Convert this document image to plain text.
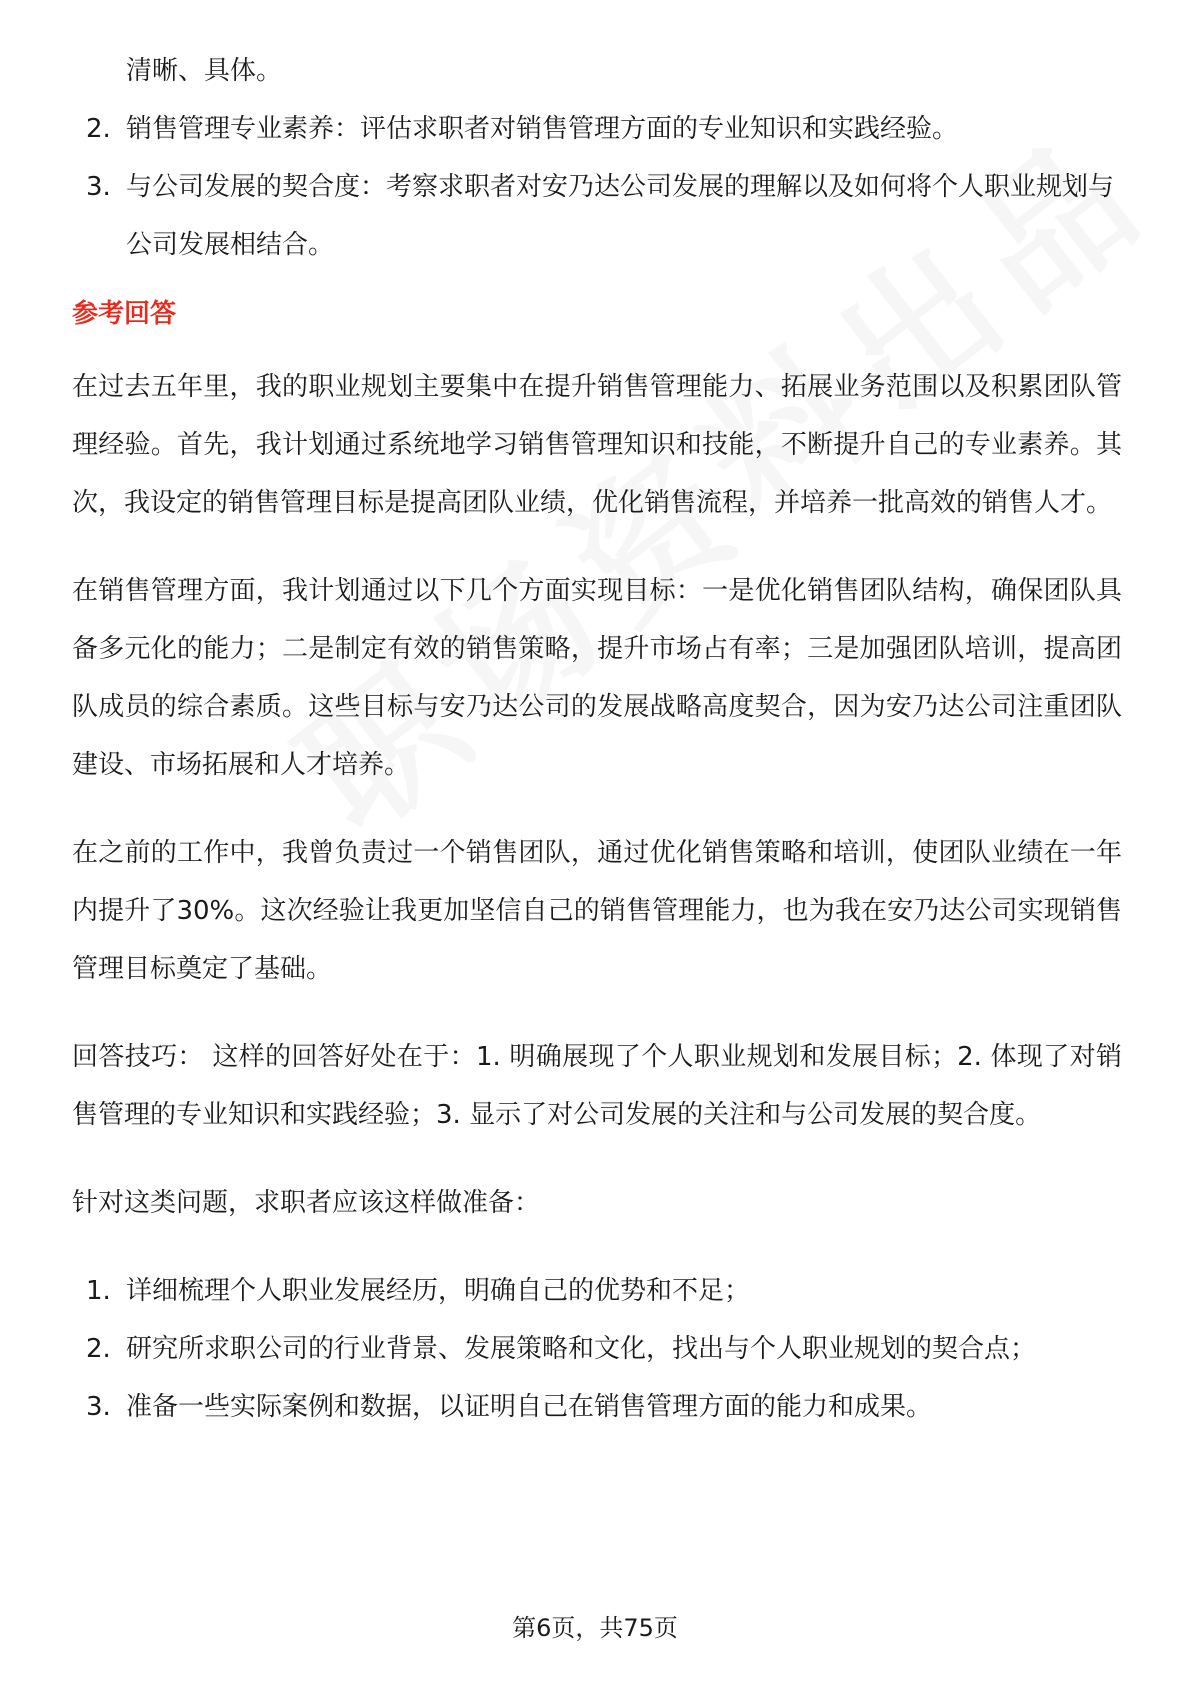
清晰、具体。
2. 销售管理专业素养：评估求职者对销售管理方面的专业知识和实践经验。
3. 与公司发展的契合度：考察求职者对安乃达公司发展的理解以及如何将个人职业规划与公司发展相结合。
参考回答

在过去五年里，我的职业规划主要集中在提升销售管理能力、拓展业务范围以及积累团队管理经验。首先，我计划通过系统地学习销售管理知识和技能，不断提升自己的专业素养。其次，我设定的销售管理目标是提高团队业绩，优化销售流程，并培养一批高效的销售人才。

在销售管理方面，我计划通过以下几个方面实现目标：一是优化销售团队结构，确保团队具备多元化的能力；二是制定有效的销售策略，提升市场占有率；三是加强团队培训，提高团队成员的综合素质。这些目标与安乃达公司的发展战略高度契合，因为安乃达公司注重团队建设、市场拓展和人才培养。

在之前的工作中，我曾负责过一个销售团队，通过优化销售策略和培训，使团队业绩在一年内提升了30%。这次经验让我更加坚信自己的销售管理能力，也为我在安乃达公司实现销售管理目标奠定了基础。

回答技巧： 这样的回答好处在于：1. 明确展现了个人职业规划和发展目标；2. 体现了对销售管理的专业知识和实践经验；3. 显示了对公司发展的关注和与公司发展的契合度。

针对这类问题，求职者应该这样做准备：

1. 详细梳理个人职业发展经历，明确自己的优势和不足；
2. 研究所求职公司的行业背景、发展策略和文化，找出与个人职业规划的契合点；
3. 准备一些实际案例和数据，以证明自己在销售管理方面的能力和成果。
第6页，共75页
